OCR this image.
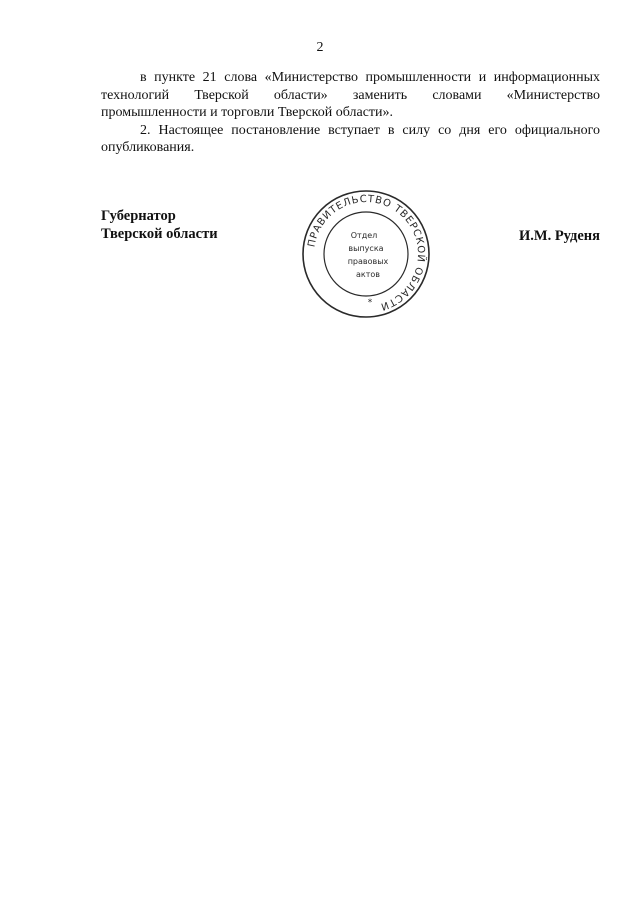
2

в пункте 21 слова «Министерство промышленности и информационных технологий Тверской области» заменить словами «Министерство промышленности и торговли Тверской области».

2. Настоящее постановление вступает в силу со дня его официального опубликования.

Губернатор
Тверской области	И.М. Руденя
ПРАВИТЕЛЬСТВО ТВЕРСКОЙ ОБЛАСТИ
Отдел
выпуска
правовых
актов
*
